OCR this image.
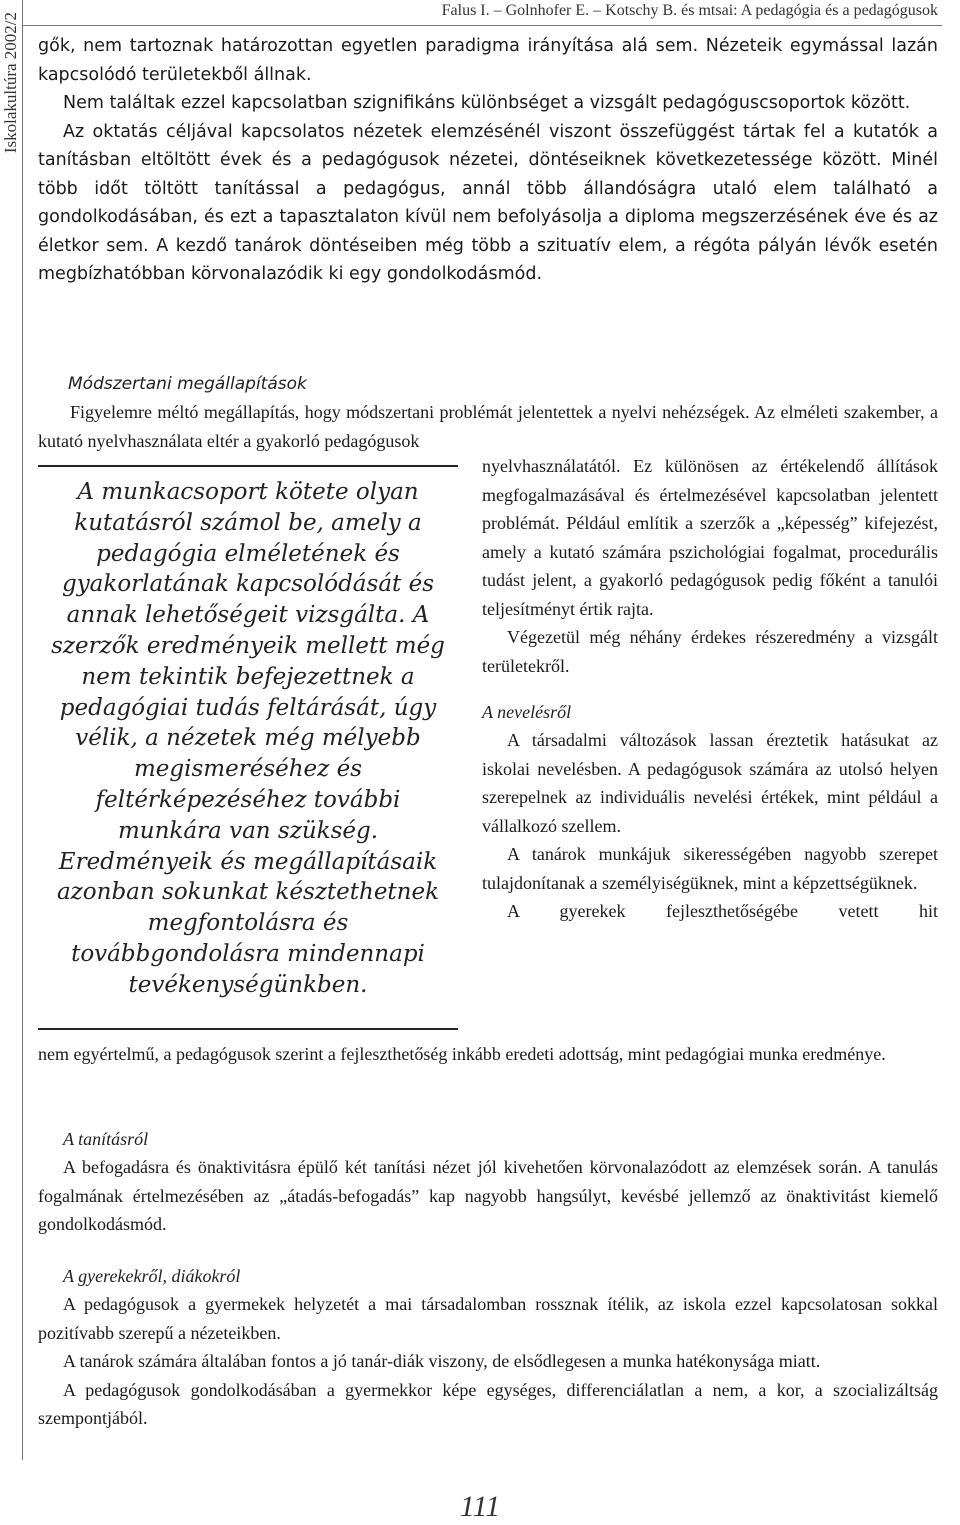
Iskolakultúra 2002/2
Falus I. – Golnhofer E. – Kotschy B. és mtsai: A pedagógia és a pedagógusok

gők, nem tartoznak határozottan egyetlen paradigma irányítása alá sem. Nézeteik egymással lazán kapcsolódó területekből állnak.

Nem találtak ezzel kapcsolatban szignifikáns különbséget a vizsgált pedagóguscsoportok között.

Az oktatás céljával kapcsolatos nézetek elemzésénél viszont összefüggést tártak fel a kutatók a tanításban eltöltött évek és a pedagógusok nézetei, döntéseiknek következetessége között. Minél több időt töltött tanítással a pedagógus, annál több állandóságra utaló elem található a gondolkodásában, és ezt a tapasztalaton kívül nem befolyásolja a diploma megszerzésének éve és az életkor sem. A kezdő tanárok döntéseiben még több a szituatív elem, a régóta pályán lévők esetén megbízhatóbban körvonalazódik ki egy gondolkodásmód.

Módszertani megállapítások

Figyelemre méltó megállapítás, hogy módszertani problémát jelentettek a nyelvi nehézségek. Az elméleti szakember, a kutató nyelvhasználata eltér a gyakorló pedagógusok

A munkacsoport kötete olyan kutatásról számol be, amely a pedagógia elméletének és gyakorlatának kapcsolódását és annak lehetőségeit vizsgálta. A szerzők eredményeik mellett még nem tekintik befejezettnek a pedagógiai tudás feltárását, úgy vélik, a nézetek még mélyebb megismeréséhez és feltérképezéséhez további munkára van szükség. Eredményeik és megállapításaik azonban sokunkat késztethetnek megfontolásra és továbbgondolásra mindennapi tevékenységünkben.

nyelvhasználatától. Ez különösen az értékelendő állítások megfogalmazásával és értelmezésével kapcsolatban jelentett problémát. Például említik a szerzők a „képesség” kifejezést, amely a kutató számára pszichológiai fogalmat, procedurális tudást jelent, a gyakorló pedagógusok pedig főként a tanulói teljesítményt értik rajta.

Végezetül még néhány érdekes részeredmény a vizsgált területekről.

A nevelésről

A társadalmi változások lassan éreztetik hatásukat az iskolai nevelésben. A pedagógusok számára az utolsó helyen szerepelnek az individuális nevelési értékek, mint például a vállalkozó szellem.

A tanárok munkájuk sikerességében nagyobb szerepet tulajdonítanak a személyiségüknek, mint a képzettségüknek.

A gyerekek fejleszthetőségébe vetett hit

nem egyértelmű, a pedagógusok szerint a fejleszthetőség inkább eredeti adottság, mint pedagógiai munka eredménye.

A tanításról

A befogadásra és önaktivitásra épülő két tanítási nézet jól kivehetően körvonalazódott az elemzések során. A tanulás fogalmának értelmezésében az „átadás-befogadás” kap nagyobb hangsúlyt, kevésbé jellemző az önaktivitást kiemelő gondolkodásmód.

A gyerekekről, diákokról

A pedagógusok a gyermekek helyzetét a mai társadalomban rossznak ítélik, az iskola ezzel kapcsolatosan sokkal pozitívabb szerepű a nézeteikben.

A tanárok számára általában fontos a jó tanár-diák viszony, de elsődlegesen a munka hatékonysága miatt.

A pedagógusok gondolkodásában a gyermekkor képe egységes, differenciálatlan a nem, a kor, a szocializáltság szempontjából.

111
